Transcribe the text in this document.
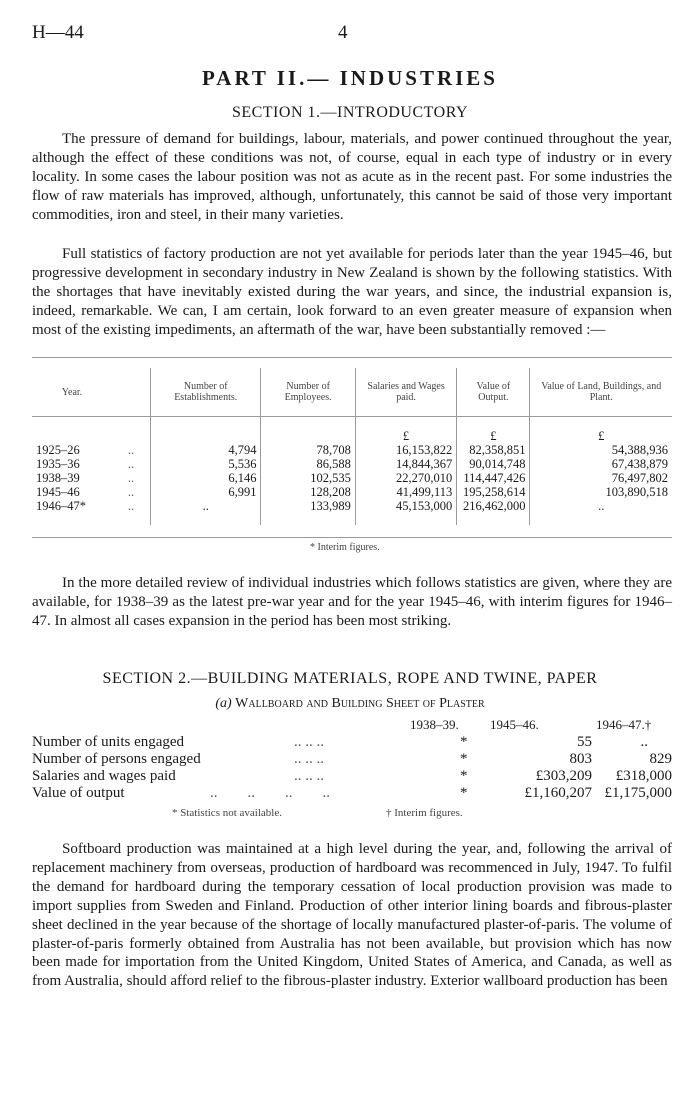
H—44	4
PART II.— INDUSTRIES
SECTION 1.—INTRODUCTORY

The pressure of demand for buildings, labour, materials, and power continued throughout the year, although the effect of these conditions was not, of course, equal in each type of industry or in every locality. In some cases the labour position was not as acute as in the recent past. For some industries the flow of raw materials has improved, although, unfortunately, this cannot be said of those very important commodities, iron and steel, in their many varieties.

Full statistics of factory production are not yet available for periods later than the year 1945–46, but progressive development in secondary industry in New Zealand is shown by the following statistics. With the shortages that have inevitably existed during the war years, and since, the industrial expansion is, indeed, remarkable. We can, I am certain, look forward to an even greater measure of expansion when most of the existing impediments, an aftermath of the war, have been substantially removed :—

Year.		Number of Establishments.	Number of Employees.	Salaries and Wages paid.	Value of Output.	Value of Land, Buildings, and Plant.
				£	£	£
1925–26	..	4,794	78,708	16,153,822	82,358,851	54,388,936
1935–36	..	5,536	86,588	14,844,367	90,014,748	67,438,879
1938–39	..	6,146	102,535	22,270,010	114,447,426	76,497,802
1945–46	..	6,991	128,208	41,499,113	195,258,614	103,890,518
1946–47*	..	..	133,989	45,153,000	216,462,000	..
* Interim figures.

In the more detailed review of individual industries which follows statistics are given, where they are available, for 1938–39 as the latest pre-war year and for the year 1945–46, with interim figures for 1946–47. In almost all cases expansion in the period has been most striking.

SECTION 2.—BUILDING MATERIALS, ROPE AND TWINE, PAPER
(a) Wallboard and Building Sheet of Plaster
1938–39. 1945–46.	1946–47.†
Number of units engaged	.. .. ..	*	55	..
Number of persons engaged	.. .. ..	*	803	829
Salaries and wages paid	.. .. ..	*	£303,209 £318,000
Value of output	..        ..        ..        ..	*	£1,160,207 £1,175,000
* Statistics not available.	† Interim figures.

Softboard production was maintained at a high level during the year, and, following the arrival of replacement machinery from overseas, production of hardboard was recommenced in July, 1947. To fulfil the demand for hardboard during the temporary cessation of local production provision was made to import supplies from Sweden and Finland. Production of other interior lining boards and fibrous-plaster sheet declined in the year because of the shortage of locally manufactured plaster-of-paris. The volume of plaster-of-paris formerly obtained from Australia has not been available, but provision which has now been made for importation from the United Kingdom, United States of America, and Canada, as well as from Australia, should afford relief to the fibrous-plaster industry. Exterior wallboard production has been
